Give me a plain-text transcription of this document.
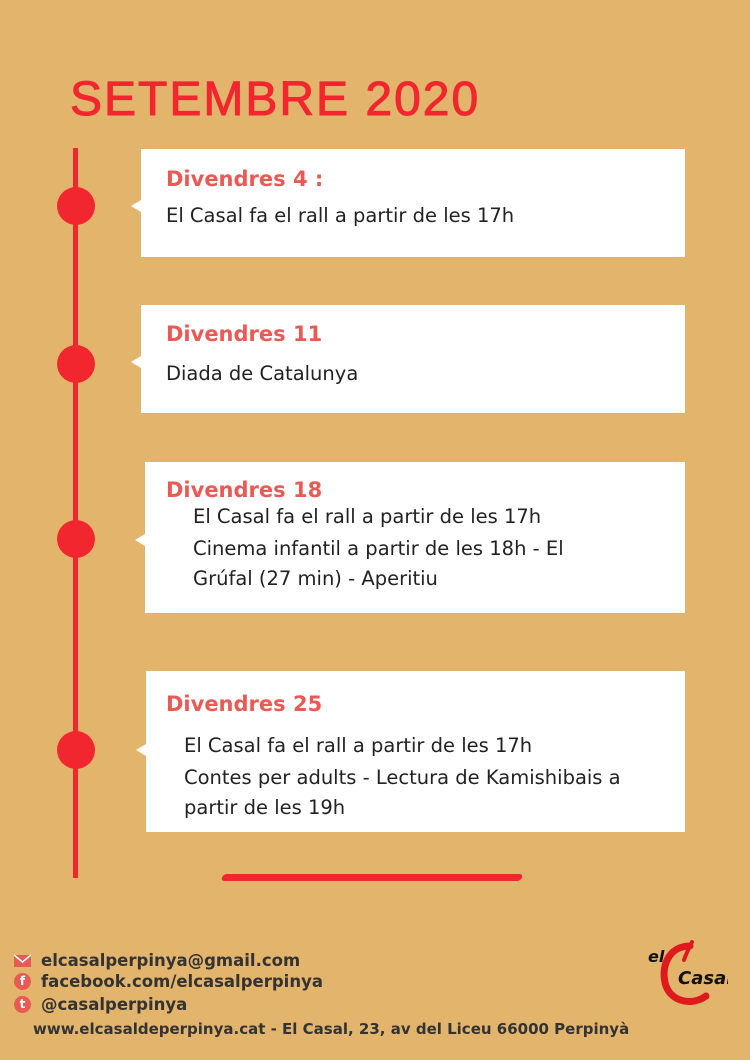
SETEMBRE 2020
Divendres 4 :
El Casal fa el rall a partir de les 17h
Divendres 11
Diada de Catalunya
Divendres 18
El Casal fa el rall a partir de les 17h
Cinema infantil a partir de les 18h - El
Grúfal (27 min) - Aperitiu
Divendres 25
El Casal fa el rall a partir de les 17h
Contes per adults - Lectura de Kamishibais a
partir de les 19h
elcasalperpinya@gmail.com
f facebook.com/elcasalperpinya
t @casalperpinya
www.elcasaldeperpinya.cat - El Casal, 23, av del Liceu 66000 Perpinyà
el
Casal
